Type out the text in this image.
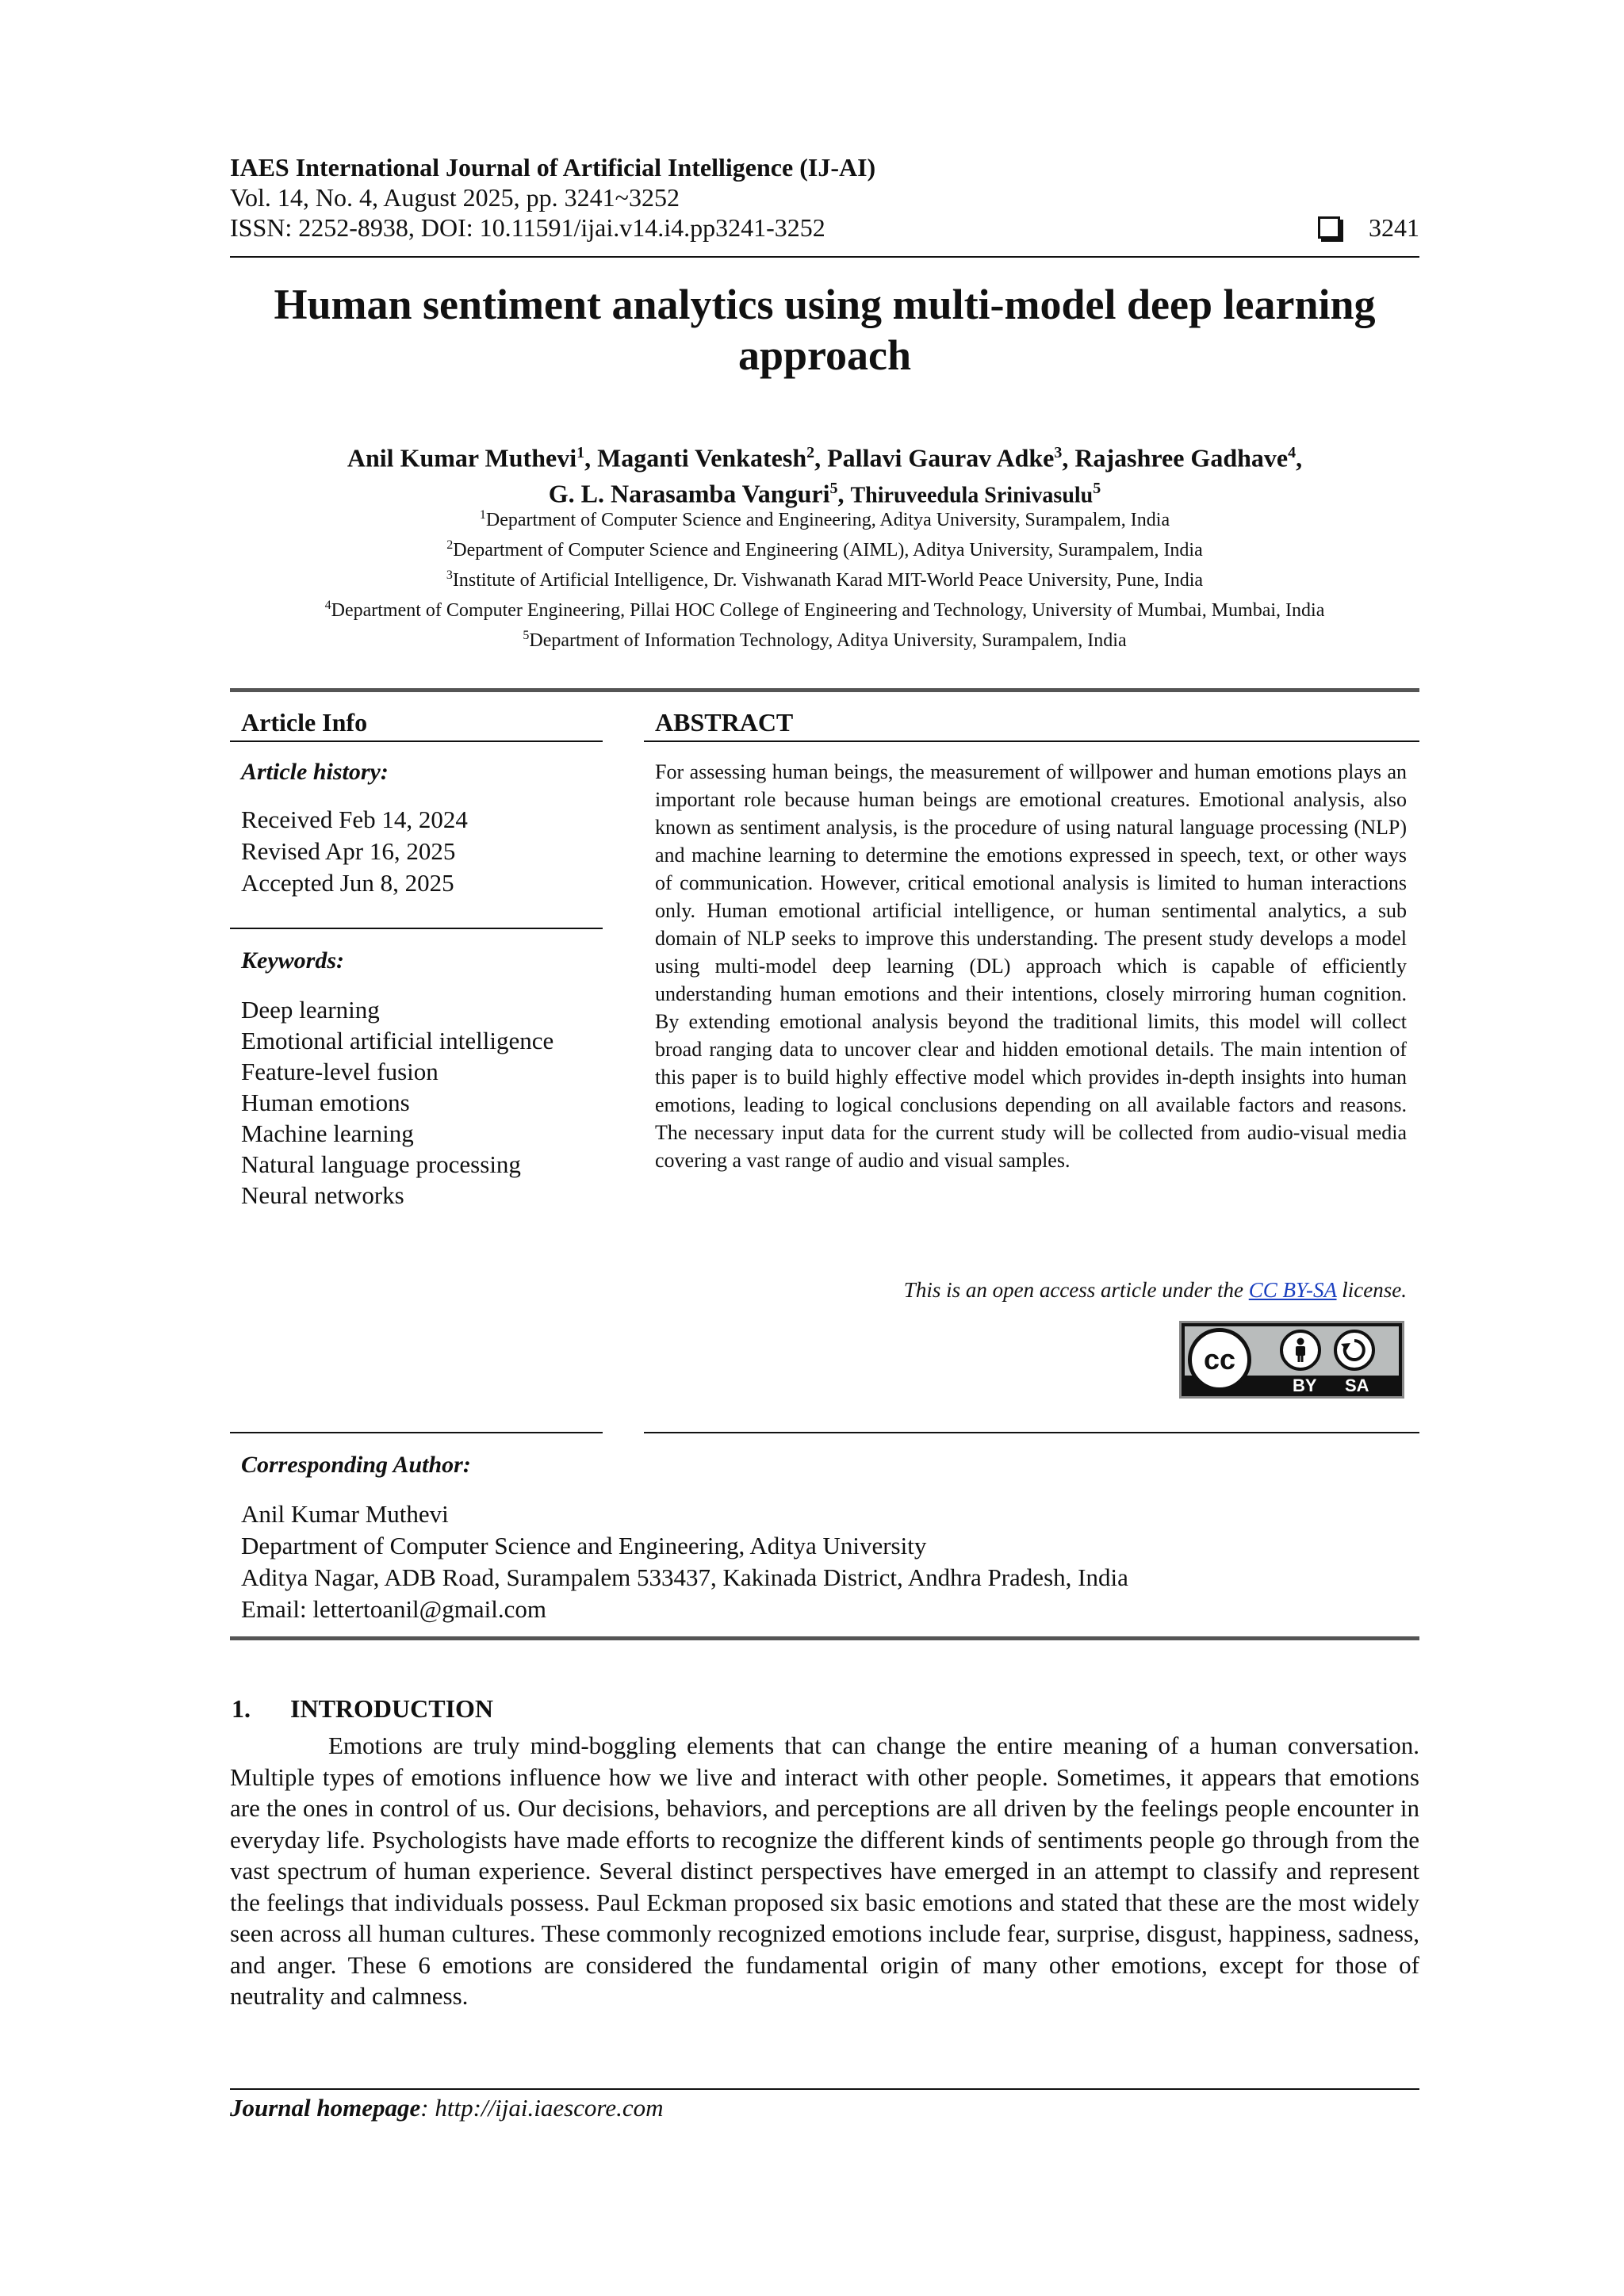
IAES International Journal of Artificial Intelligence (IJ-AI)
Vol. 14, No. 4, August 2025, pp. 3241~3252
ISSN: 2252-8938, DOI: 10.11591/ijai.v14.i4.pp3241-3252	3241
Human sentiment analytics using multi-model deep learning approach
Anil Kumar Muthevi$^1$, Maganti Venkatesh$^2$, Pallavi Gaurav Adke$^3$, Rajashree Gadhave$^4$,
G. L. Narasamba Vanguri$^5$, Thiruveedula Srinivasulu$^5$
$^1$Department of Computer Science and Engineering, Aditya University, Surampalem, India
$^2$Department of Computer Science and Engineering (AIML), Aditya University, Surampalem, India
$^3$Institute of Artificial Intelligence, Dr. Vishwanath Karad MIT-World Peace University, Pune, India
$^4$Department of Computer Engineering, Pillai HOC College of Engineering and Technology, University of Mumbai, Mumbai, India
$^5$Department of Information Technology, Aditya University, Surampalem, India
Article Info
Article history:
Received Feb 14, 2024
Revised Apr 16, 2025
Accepted Jun 8, 2025
Keywords:
Deep learning
Emotional artificial intelligence
Feature-level fusion
Human emotions
Machine learning
Natural language processing
Neural networks
ABSTRACT
For assessing human beings, the measurement of willpower and human emotions plays an important role because human beings are emotional creatures. Emotional analysis, also known as sentiment analysis, is the procedure of using natural language processing (NLP) and machine learning to determine the emotions expressed in speech, text, or other ways of communication. However, critical emotional analysis is limited to human interactions only. Human emotional artificial intelligence, or human sentimental analytics, a sub domain of NLP seeks to improve this understanding. The present study develops a model using multi-model deep learning (DL) approach which is capable of efficiently understanding human emotions and their intentions, closely mirroring human cognition. By extending emotional analysis beyond the traditional limits, this model will collect broad ranging data to uncover clear and hidden emotional details. The main intention of this paper is to build highly effective model which provides in-depth insights into human emotions, leading to logical conclusions depending on all available factors and reasons. The necessary input data for the current study will be collected from audio-visual media covering a vast range of audio and visual samples.
This is an open access article under the CC BY-SA license.
cc
BY SA
Corresponding Author:
Anil Kumar Muthevi
Department of Computer Science and Engineering, Aditya University
Aditya Nagar, ADB Road, Surampalem 533437, Kakinada District, Andhra Pradesh, India
Email: lettertoanil@gmail.com
1. INTRODUCTION
Emotions are truly mind-boggling elements that can change the entire meaning of a human conversation. Multiple types of emotions influence how we live and interact with other people. Sometimes, it appears that emotions are the ones in control of us. Our decisions, behaviors, and perceptions are all driven by the feelings people encounter in everyday life. Psychologists have made efforts to recognize the different kinds of sentiments people go through from the vast spectrum of human experience. Several distinct perspectives have emerged in an attempt to classify and represent the feelings that individuals possess. Paul Eckman proposed six basic emotions and stated that these are the most widely seen across all human cultures. These commonly recognized emotions include fear, surprise, disgust, happiness, sadness, and anger. These 6 emotions are considered the fundamental origin of many other emotions, except for those of neutrality and calmness.
Journal homepage: http://ijai.iaescore.com
